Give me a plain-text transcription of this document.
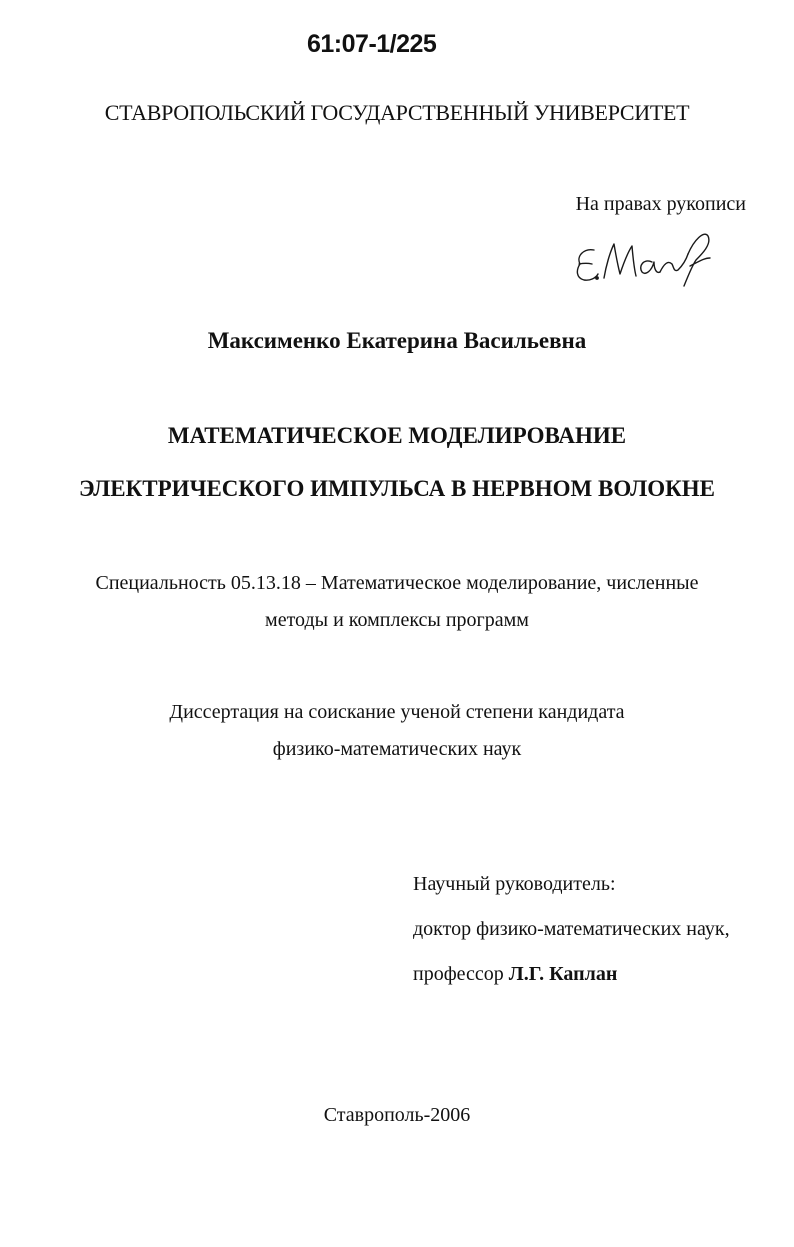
61:07-1/225
СТАВРОПОЛЬСКИЙ ГОСУДАРСТВЕННЫЙ УНИВЕРСИТЕТ
На правах рукописи
Максименко Екатерина Васильевна
МАТЕМАТИЧЕСКОЕ МОДЕЛИРОВАНИЕ
ЭЛЕКТРИЧЕСКОГО ИМПУЛЬСА В НЕРВНОМ ВОЛОКНЕ
Специальность 05.13.18 – Математическое моделирование, численные
методы и комплексы программ
Диссертация на соискание ученой степени кандидата
физико-математических наук
Научный руководитель:
доктор физико-математических наук,
профессор Л.Г. Каплан
Ставрополь-2006
